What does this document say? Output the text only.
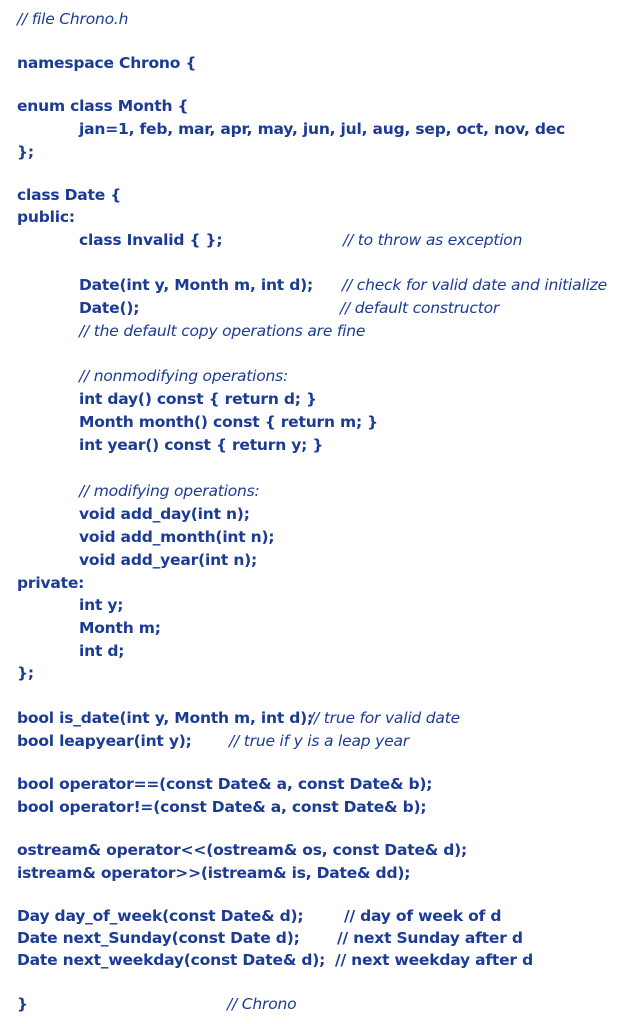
// file Chrono.h
namespace Chrono {
enum class Month {
jan=1, feb, mar, apr, may, jun, jul, aug, sep, oct, nov, dec
};
class Date {
public:
class Invalid { };	// to throw as exception
Date(int y, Month m, int d); // check for valid date and initialize
Date();	// default constructor
// the default copy operations are fine
// nonmodifying operations:
int day() const { return d; }
Month month() const { return m; }
int year() const { return y; }
// modifying operations:
void add_day(int n);
void add_month(int n);
void add_year(int n);
private:
int y;
Month m;
int d;
};
bool is_date(int y, Month m, int d);
// true for valid date
bool leapyear(int y); // true if y is a leap year
bool operator==(const Date& a, const Date& b);
bool operator!=(const Date& a, const Date& b);
ostream& operator<<(ostream& os, const Date& d);
istream& operator>>(istream& is, Date& dd);
Day day_of_week(const Date& d);	// day of week of d
Date next_Sunday(const Date d); // next Sunday after d
Date next_weekday(const Date& d); // next weekday after d
}	// Chrono
